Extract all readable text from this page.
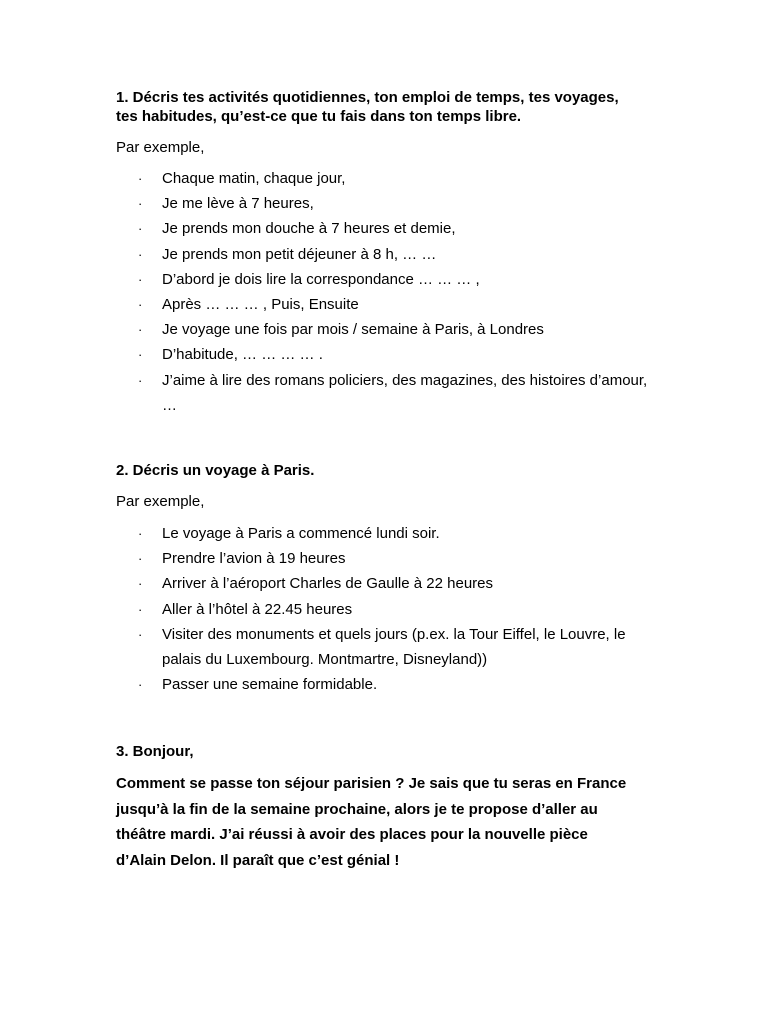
1. Décris tes activités quotidiennes, ton emploi de temps, tes voyages,
tes habitudes, qu’est-ce que tu fais dans ton temps libre.

Par exemple,

· Chaque matin, chaque jour,
· Je me lève à 7 heures,
· Je prends mon douche à 7 heures et demie,
· Je prends mon petit déjeuner à 8 h, … …
· D’abord je dois lire la correspondance … … … ,
· Après … … … , Puis, Ensuite
· Je voyage une fois par mois / semaine à Paris, à Londres
· D’habitude, … … … … .
· J’aime à lire des romans policiers, des magazines, des histoires d’amour, …

2. Décris un voyage à Paris.

Par exemple,

· Le voyage à Paris a commencé lundi soir.
· Prendre l’avion à 19 heures
· Arriver à l’aéroport Charles de Gaulle à 22 heures
· Aller à l’hôtel à 22.45 heures
· Visiter des monuments et quels jours (p.ex. la Tour Eiffel, le Louvre, le palais du Luxembourg. Montmartre, Disneyland))
· Passer une semaine formidable.

3. Bonjour,

Comment se passe ton séjour parisien ? Je sais que tu seras en France
jusqu’à la fin de la semaine prochaine, alors je te propose d’aller au
théâtre mardi. J’ai réussi à avoir des places pour la nouvelle pièce
d’Alain Delon. Il paraît que c’est génial !
